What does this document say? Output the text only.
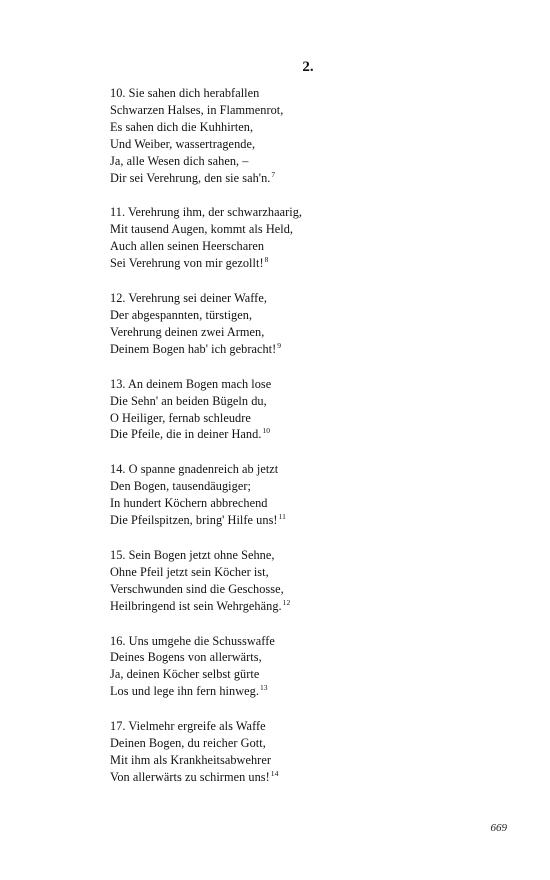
2.
10. Sie sahen dich herabfallen
Schwarzen Halses, in Flammenrot,
Es sahen dich die Kuhhirten,
Und Weiber, wassertragende,
Ja, alle Wesen dich sahen, –
Dir sei Verehrung, den sie sah'n.$^7$
11. Verehrung ihm, der schwarzhaarig,
Mit tausend Augen, kommt als Held,
Auch allen seinen Heerscharen
Sei Verehrung von mir gezollt!$^8$
12. Verehrung sei deiner Waffe,
Der abgespannten, türstigen,
Verehrung deinen zwei Armen,
Deinem Bogen hab' ich gebracht!$^9$
13. An deinem Bogen mach lose
Die Sehn' an beiden Bügeln du,
O Heiliger, fernab schleudre
Die Pfeile, die in deiner Hand.$^{10}$
14. O spanne gnadenreich ab jetzt
Den Bogen, tausendäugiger;
In hundert Köchern abbrechend
Die Pfeilspitzen, bring' Hilfe uns!$^{11}$
15. Sein Bogen jetzt ohne Sehne,
Ohne Pfeil jetzt sein Köcher ist,
Verschwunden sind die Geschosse,
Heilbringend ist sein Wehrgehäng.$^{12}$
16. Uns umgehe die Schusswaffe
Deines Bogens von allerwärts,
Ja, deinen Köcher selbst gürte
Los und lege ihn fern hinweg.$^{13}$
17. Vielmehr ergreife als Waffe
Deinen Bogen, du reicher Gott,
Mit ihm als Krankheitsabwehrer
Von allerwärts zu schirmen uns!$^{14}$
669
